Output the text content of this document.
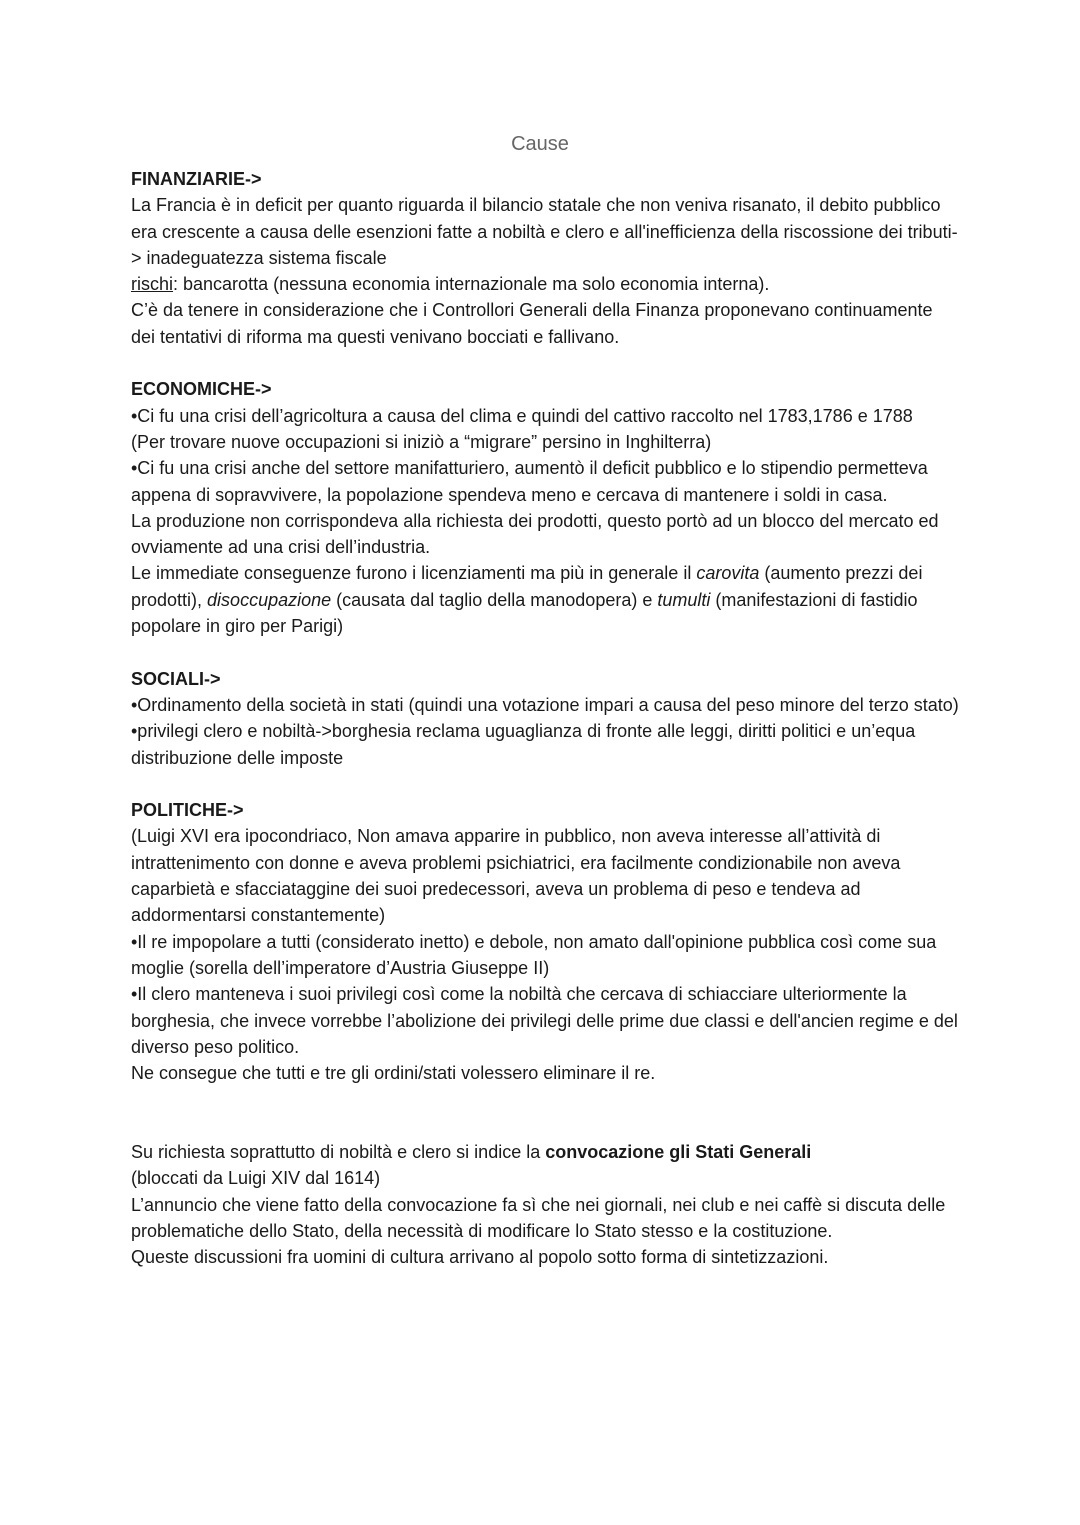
Cause

FINANZIARIE->

La Francia è in deficit per quanto riguarda il bilancio statale che non veniva risanato, il debito pubblico era crescente a causa delle esenzioni fatte a nobiltà e clero e all'inefficienza della riscossione dei tributi-> inadeguatezza sistema fiscale

rischi: bancarotta (nessuna economia internazionale ma solo economia interna).

C’è da tenere in considerazione che i Controllori Generali della Finanza proponevano continuamente dei tentativi di riforma ma questi venivano bocciati e fallivano.

ECONOMICHE->

•Ci fu una crisi dell’agricoltura a causa del clima e quindi del cattivo raccolto nel 1783,1786 e 1788

(Per trovare nuove occupazioni si iniziò a “migrare” persino in Inghilterra)

•Ci fu una crisi anche del settore manifatturiero, aumentò il deficit pubblico e lo stipendio permetteva appena di sopravvivere, la popolazione spendeva meno e cercava di mantenere i soldi in casa.

La produzione non corrispondeva alla richiesta dei prodotti, questo portò ad un blocco del mercato ed ovviamente ad una crisi dell’industria.

Le immediate conseguenze furono i licenziamenti ma più in generale il carovita (aumento prezzi dei prodotti), disoccupazione (causata dal taglio della manodopera) e tumulti (manifestazioni di fastidio popolare in giro per Parigi)

SOCIALI->

•Ordinamento della società in stati (quindi una votazione impari a causa del peso minore del terzo stato)

•privilegi clero e nobiltà->borghesia reclama uguaglianza di fronte alle leggi, diritti politici e un’equa distribuzione delle imposte

POLITICHE->

(Luigi XVI era ipocondriaco, Non amava apparire in pubblico, non aveva interesse all’attività di intrattenimento con donne e aveva problemi psichiatrici, era facilmente condizionabile non aveva caparbietà e sfacciataggine dei suoi predecessori, aveva un problema di peso e tendeva ad addormentarsi constantemente)

•Il re impopolare a tutti (considerato inetto) e debole, non amato dall'opinione pubblica così come sua moglie (sorella dell’imperatore d’Austria Giuseppe II)

•Il clero manteneva i suoi privilegi così come la nobiltà che cercava di schiacciare ulteriormente la borghesia, che invece vorrebbe l’abolizione dei privilegi delle prime due classi e dell'ancien regime e del diverso peso politico.

Ne consegue che tutti e tre gli ordini/stati volessero eliminare il re.

Su richiesta soprattutto di nobiltà e clero si indice la convocazione gli Stati Generali

(bloccati da Luigi XIV dal 1614)

L’annuncio che viene fatto della convocazione fa sì che nei giornali, nei club e nei caffè si discuta delle problematiche dello Stato, della necessità di modificare lo Stato stesso e la costituzione.

Queste discussioni fra uomini di cultura arrivano al popolo sotto forma di sintetizzazioni.
